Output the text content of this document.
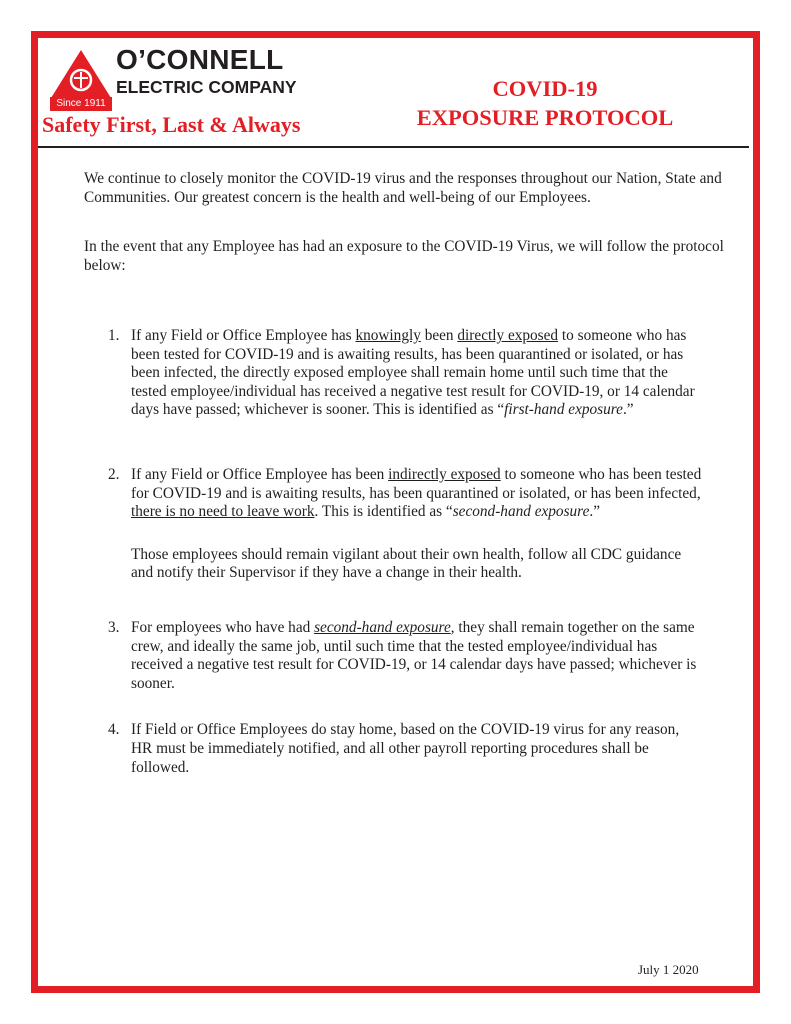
Since 1911
O’CONNELL
ELECTRIC COMPANY
Safety First, Last & Always
COVID-19
EXPOSURE PROTOCOL
We continue to closely monitor the COVID-19 virus and the responses throughout our Nation, State and Communities. Our greatest concern is the health and well-being of our Employees.
In the event that any Employee has had an exposure to the COVID-19 Virus, we will follow the protocol below:
1. If any Field or Office Employee has knowingly been directly exposed to someone who has been tested for COVID-19 and is awaiting results, has been quarantined or isolated, or has been infected, the directly exposed employee shall remain home until such time that the tested employee/individual has received a negative test result for COVID-19, or 14 calendar days have passed; whichever is sooner. This is identified as “first-hand exposure.”
2. If any Field or Office Employee has been indirectly exposed to someone who has been tested for COVID-19 and is awaiting results, has been quarantined or isolated, or has been infected, there is no need to leave work. This is identified as “second-hand exposure.”
Those employees should remain vigilant about their own health, follow all CDC guidance and notify their Supervisor if they have a change in their health.
3. For employees who have had second-hand exposure, they shall remain together on the same crew, and ideally the same job, until such time that the tested employee/individual has received a negative test result for COVID-19, or 14 calendar days have passed; whichever is sooner.
4. If Field or Office Employees do stay home, based on the COVID-19 virus for any reason, HR must be immediately notified, and all other payroll reporting procedures shall be followed.
July 1 2020
